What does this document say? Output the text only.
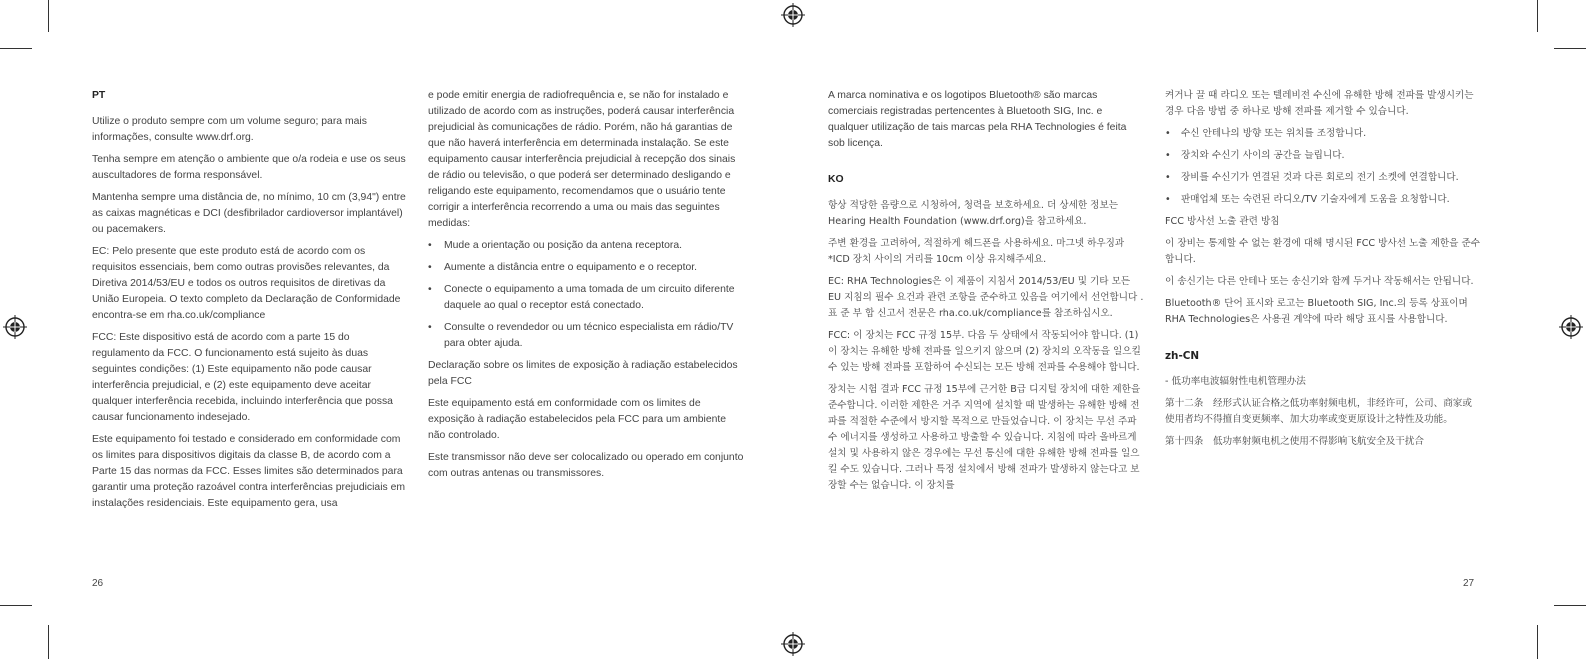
PT

Utilize o produto sempre com um volume seguro; para mais informações, consulte www.drf.org.

Tenha sempre em atenção o ambiente que o/a rodeia e use os seus auscultadores de forma responsável.

Mantenha sempre uma distância de, no mínimo, 10 cm (3,94") entre as caixas magnéticas e DCI (desfibrilador cardioversor implantável) ou pacemakers.

EC: Pelo presente que este produto está de acordo com os requisitos essenciais, bem como outras provisões relevantes, da Diretiva 2014/53/EU e todos os outros requisitos de diretivas da União Europeia. O texto completo da Declaração de Conformidade encontra-se em rha.co.uk/compliance

FCC: Este dispositivo está de acordo com a parte 15 do regulamento da FCC. O funcionamento está sujeito às duas seguintes condições: (1) Este equipamento não pode causar interferência prejudicial, e (2) este equipamento deve aceitar qualquer interferência recebida, incluindo interferência que possa causar funcionamento indesejado.

Este equipamento foi testado e considerado em conformidade com os limites para dispositivos digitais da classe B, de acordo com a Parte 15 das normas da FCC. Esses limites são determinados para garantir uma proteção razoável contra interferências prejudiciais em instalações residenciais. Este equipamento gera, usa

e pode emitir energia de radiofrequência e, se não for instalado e utilizado de acordo com as instruções, poderá causar interferência prejudicial às comunicações de rádio. Porém, não há garantias de que não haverá interferência em determinada instalação. Se este equipamento causar interferência prejudicial à recepção dos sinais de rádio ou televisão, o que poderá ser determinado desligando e religando este equipamento, recomendamos que o usuário tente corrigir a interferência recorrendo a uma ou mais das seguintes medidas:

• Mude a orientação ou posição da antena receptora.
• Aumente a distância entre o equipamento e o receptor.
• Conecte o equipamento a uma tomada de um circuito diferente daquele ao qual o receptor está conectado.
• Consulte o revendedor ou um técnico especialista em rádio/TV para obter ajuda.

Declaração sobre os limites de exposição à radiação estabelecidos pela FCC

Este equipamento está em conformidade com os limites de exposição à radiação estabelecidos pela FCC para um ambiente não controlado.

Este transmissor não deve ser colocalizado ou operado em conjunto com outras antenas ou transmissores.

A marca nominativa e os logotipos Bluetooth® são marcas comerciais registradas pertencentes à Bluetooth SIG, Inc. e qualquer utilização de tais marcas pela RHA Technologies é feita sob licença.

KO

항상 적당한 음량으로 시청하여, 청력을 보호하세요. 더 상세한 정보는 Hearing Health Foundation (www.drf.org)을 참고하세요.

주변 환경을 고려하여, 적절하게 헤드폰을 사용하세요. 마그넷 하우징과 *ICD 장치 사이의 거리를 10cm 이상 유지해주세요.

EC: RHA Technologies은 이 제품이 지침서 2014/53/EU 및 기타 모든 EU 지침의 필수 요건과 관련 조항을 준수하고 있음을 여기에서 선언합니다 . 표 준 부 합 신고서 전문은 rha.co.uk/compliance를 참조하십시오.

FCC: 이 장치는 FCC 규정 15부. 다음 두 상태에서 작동되어야 합니다. (1) 이 장치는 유해한 방해 전파를 일으키지 않으며 (2) 장치의 오작동을 일으킬 수 있는 방해 전파를 포함하여 수신되는 모든 방해 전파를 수용해야 합니다.

장치는 시험 결과 FCC 규정 15부에 근거한 B급 디지털 장치에 대한 제한을 준수합니다. 이러한 제한은 거주 지역에 설치할 때 발생하는 유해한 방해 전파를 적절한 수준에서 방지할 목적으로 만들었습니다. 이 장치는 무선 주파수 에너지를 생성하고 사용하고 방출할 수 있습니다. 지침에 따라 올바르게 설치 및 사용하지 않은 경우에는 무선 통신에 대한 유해한 방해 전파를 일으킬 수도 있습니다. 그러나 특정 설치에서 방해 전파가 발생하지 않는다고 보장할 수는 없습니다. 이 장치를

켜거나 끌 때 라디오 또는 텔레비전 수신에 유해한 방해 전파를 발생시키는 경우 다음 방법 중 하나로 방해 전파를 제거할 수 있습니다.

• 수신 안테나의 방향 또는 위치를 조정합니다.
• 장치와 수신기 사이의 공간을 늘립니다.
• 장비를 수신기가 연결된 것과 다른 회로의 전기 소켓에 연결합니다.
• 판매업체 또는 숙련된 라디오/TV 기술자에게 도움을 요청합니다.

FCC 방사선 노출 관련 방침

이 장비는 통제할 수 없는 환경에 대해 명시된 FCC 방사선 노출 제한을 준수합니다.

이 송신기는 다른 안테나 또는 송신기와 함께 두거나 작동해서는 안됩니다.

Bluetooth® 단어 표시와 로고는 Bluetooth SIG, Inc.의 등록 상표이며 RHA Technologies은 사용권 계약에 따라 해당 표시를 사용합니다.

zh-CN

- 低功率电波辐射性电机管理办法

第十二条　经形式认证合格之低功率射频电机，非经许可，公司、商家或使用者均不得擅自变更频率、加大功率或变更原设计之特性及功能。

第十四条　低功率射频电机之使用不得影响飞航安全及干扰合

26	27
